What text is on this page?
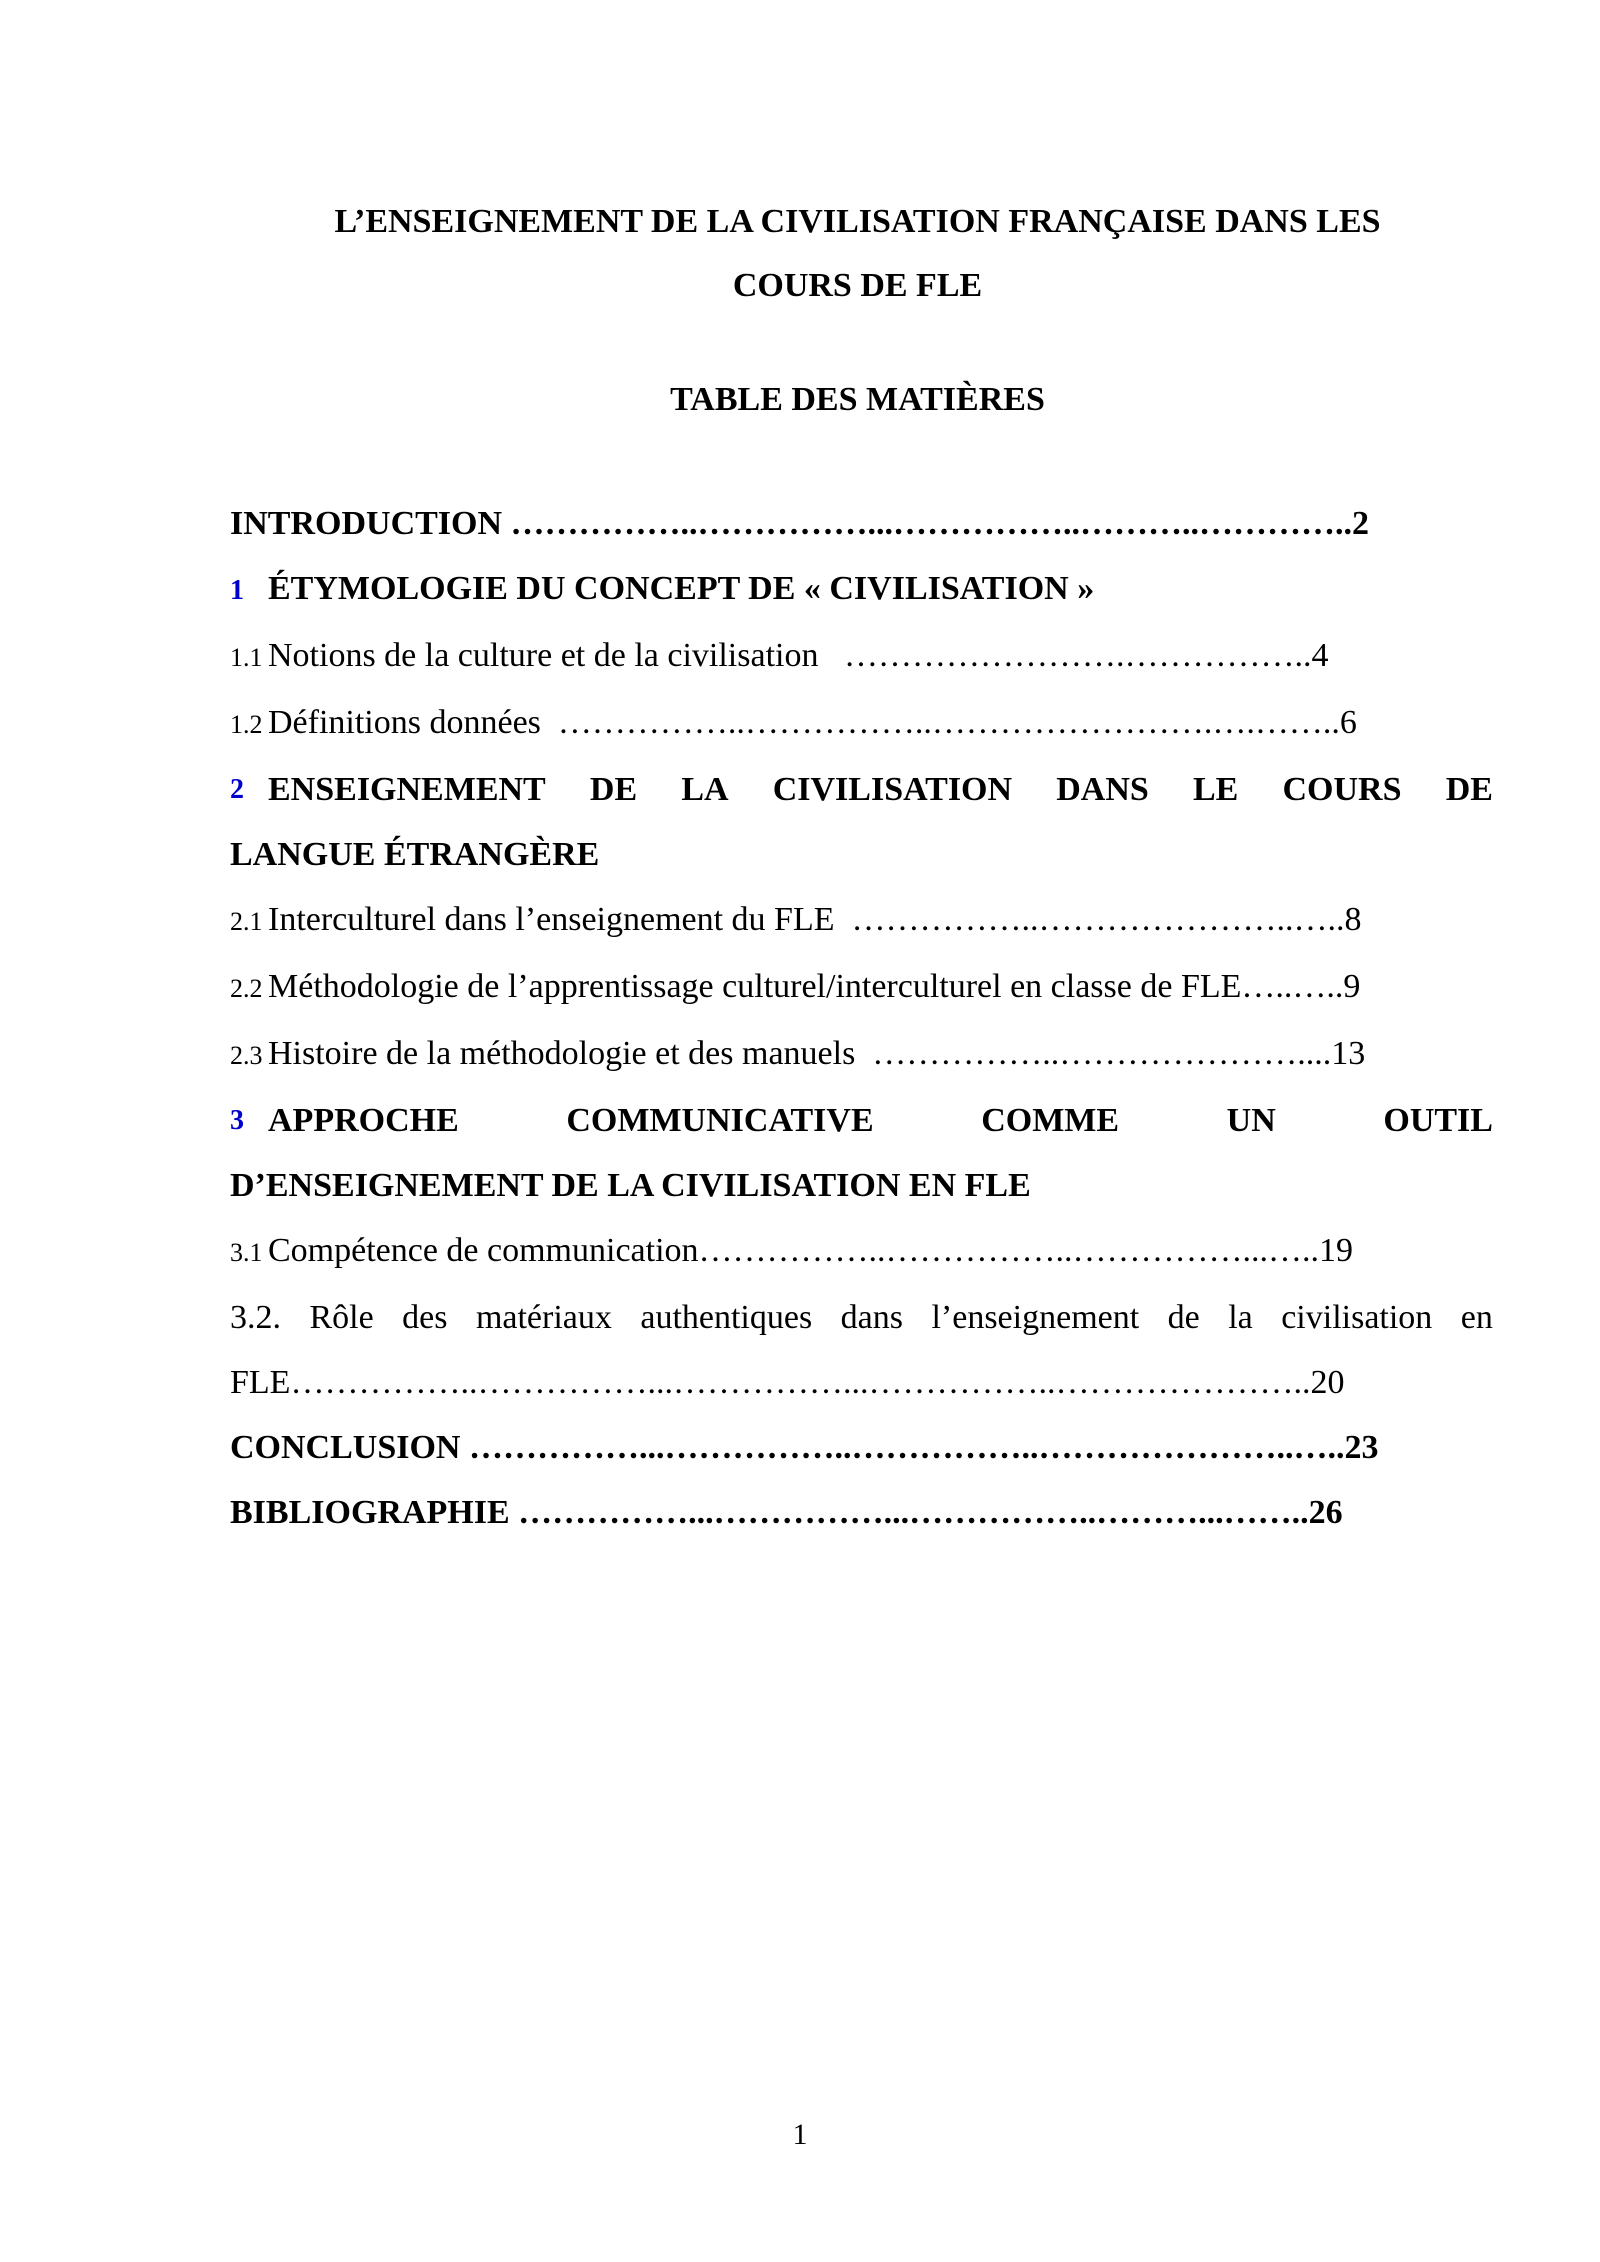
L’ENSEIGNEMENT DE LA CIVILISATION FRANÇAISE DANS LES
COURS DE FLE
TABLE DES MATIÈRES
INTRODUCTION ……………..……………...……………..………..…………..2
1 ÉTYMOLOGIE DU CONCEPT DE « CIVILISATION »
1.1 Notions de la culture et de la civilisation   …………………….……………..4
1.2 Définitions données  ……………..……………..…………………….….……..6
2 ENSEIGNEMENT DE LA CIVILISATION DANS LE COURS DE
LANGUE ÉTRANGÈRE
2.1 Interculturel dans l’enseignement du FLE  ……………..…………………..…..8
2.2 Méthodologie de l’apprentissage culturel/interculturel en classe de FLE…..…..9
2.3 Histoire de la méthodologie et des manuels  ……………..…………………....13
3 APPROCHE	COMMUNICATIVE	COMME	UN	OUTIL
D’ENSEIGNEMENT DE LA CIVILISATION EN FLE
3.1 Compétence de communication……………..……………..……………...…..19
3.2. Rôle des matériaux authentiques dans l’enseignement de la civilisation en
FLE……………..……………...……………...……………..…………………..20
CONCLUSION ……………...……………..……………..…………………..…..23
BIBLIOGRAPHIE ……………...……………...……………..………...……..26
1
